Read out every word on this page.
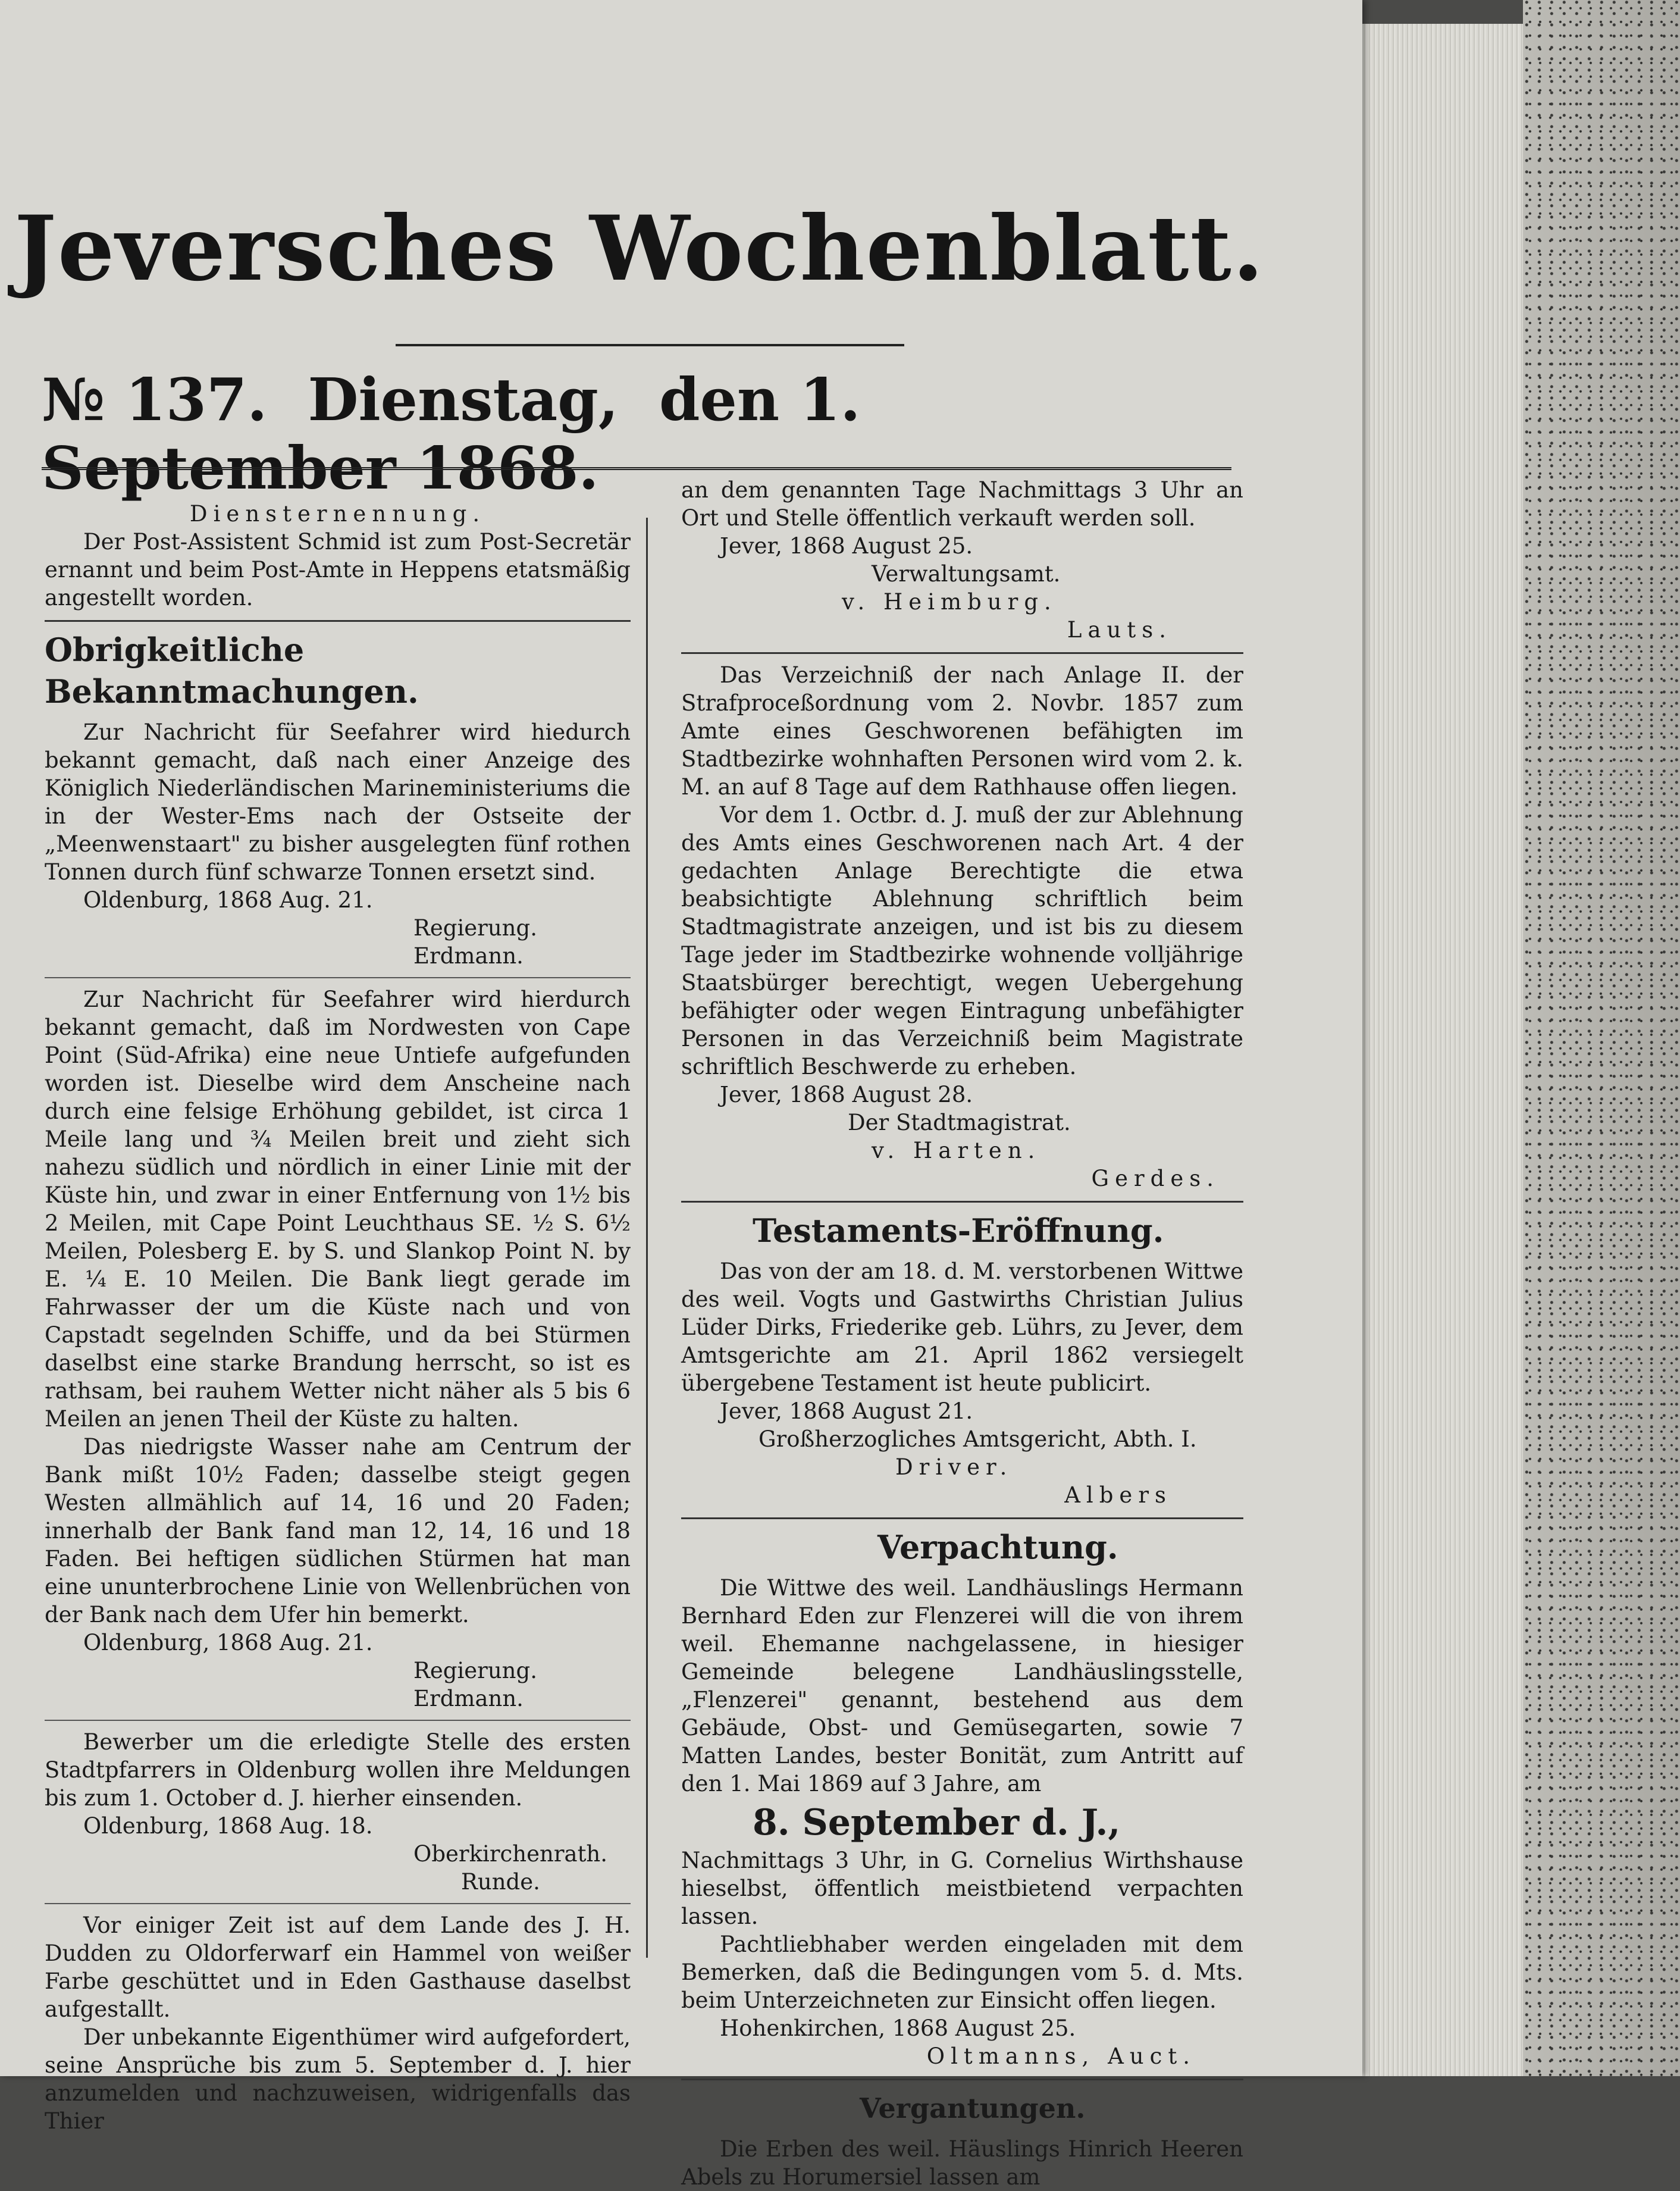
Jeversches Wochenblatt.
№ 137. Dienstag, den 1. September 1868.

Diensternennung.

Der Post-Assistent Schmid ist zum Post-Secretär ernannt und beim Post-Amte in Heppens etatsmäßig angestellt worden.

Obrigkeitliche Bekanntmachungen.

Zur Nachricht für Seefahrer wird hiedurch bekannt gemacht, daß nach einer Anzeige des Königlich Niederländischen Marineministeriums die in der Wester-Ems nach der Ostseite der „Meenwenstaart" zu bisher ausgelegten fünf rothen Tonnen durch fünf schwarze Tonnen ersetzt sind.

Oldenburg, 1868 Aug. 21.

Regierung.

Erdmann.

Zur Nachricht für Seefahrer wird hierdurch bekannt gemacht, daß im Nordwesten von Cape Point (Süd-Afrika) eine neue Untiefe aufgefunden worden ist. Dieselbe wird dem Anscheine nach durch eine felsige Erhöhung gebildet, ist circa 1 Meile lang und ¾ Meilen breit und zieht sich nahezu südlich und nördlich in einer Linie mit der Küste hin, und zwar in einer Entfernung von 1½ bis 2 Meilen, mit Cape Point Leuchthaus SE. ½ S. 6½ Meilen, Polesberg E. by S. und Slankop Point N. by E. ¼ E. 10 Meilen. Die Bank liegt gerade im Fahrwasser der um die Küste nach und von Capstadt segelnden Schiffe, und da bei Stürmen daselbst eine starke Brandung herrscht, so ist es rathsam, bei rauhem Wetter nicht näher als 5 bis 6 Meilen an jenen Theil der Küste zu halten.

Das niedrigste Wasser nahe am Centrum der Bank mißt 10½ Faden; dasselbe steigt gegen Westen allmählich auf 14, 16 und 20 Faden; innerhalb der Bank fand man 12, 14, 16 und 18 Faden. Bei heftigen südlichen Stürmen hat man eine ununterbrochene Linie von Wellenbrüchen von der Bank nach dem Ufer hin bemerkt.

Oldenburg, 1868 Aug. 21.

Regierung.

Erdmann.

Bewerber um die erledigte Stelle des ersten Stadtpfarrers in Oldenburg wollen ihre Meldungen bis zum 1. October d. J. hierher einsenden.

Oldenburg, 1868 Aug. 18.

Oberkirchenrath.

Runde.

Vor einiger Zeit ist auf dem Lande des J. H. Dudden zu Oldorferwarf ein Hammel von weißer Farbe geschüttet und in Eden Gasthause daselbst aufgestallt.

Der unbekannte Eigenthümer wird aufgefordert, seine Ansprüche bis zum 5. September d. J. hier anzumelden und nachzuweisen, widrigenfalls das Thier

an dem genannten Tage Nachmittags 3 Uhr an Ort und Stelle öffentlich verkauft werden soll.

Jever, 1868 August 25.

Verwaltungsamt.

v. Heimburg.

Lauts.

Das Verzeichniß der nach Anlage II. der Strafproceßordnung vom 2. Novbr. 1857 zum Amte eines Geschworenen befähigten im Stadtbezirke wohnhaften Personen wird vom 2. k. M. an auf 8 Tage auf dem Rathhause offen liegen.

Vor dem 1. Octbr. d. J. muß der zur Ablehnung des Amts eines Geschworenen nach Art. 4 der gedachten Anlage Berechtigte die etwa beabsichtigte Ablehnung schriftlich beim Stadtmagistrate anzeigen, und ist bis zu diesem Tage jeder im Stadtbezirke wohnende volljährige Staatsbürger berechtigt, wegen Uebergehung befähigter oder wegen Eintragung unbefähigter Personen in das Verzeichniß beim Magistrate schriftlich Beschwerde zu erheben.

Jever, 1868 August 28.

Der Stadtmagistrat.

v. Harten.

Gerdes.

Testaments-Eröffnung.

Das von der am 18. d. M. verstorbenen Wittwe des weil. Vogts und Gastwirths Christian Julius Lüder Dirks, Friederike geb. Lührs, zu Jever, dem Amtsgerichte am 21. April 1862 versiegelt übergebene Testament ist heute publicirt.

Jever, 1868 August 21.

Großherzogliches Amtsgericht, Abth. I.

Driver.

Albers

Verpachtung.

Die Wittwe des weil. Landhäuslings Hermann Bernhard Eden zur Flenzerei will die von ihrem weil. Ehemanne nachgelassene, in hiesiger Gemeinde belegene Landhäuslingsstelle, „Flenzerei" genannt, bestehend aus dem Gebäude, Obst- und Gemüsegarten, sowie 7 Matten Landes, bester Bonität, zum Antritt auf den 1. Mai 1869 auf 3 Jahre, am

8. September d. J.,

Nachmittags 3 Uhr, in G. Cornelius Wirthshause hieselbst, öffentlich meistbietend verpachten lassen.

Pachtliebhaber werden eingeladen mit dem Bemerken, daß die Bedingungen vom 5. d. Mts. beim Unterzeichneten zur Einsicht offen liegen.

Hohenkirchen, 1868 August 25.

Oltmanns, Auct.

Vergantungen.

Die Erben des weil. Häuslings Hinrich Heeren Abels zu Horumersiel lassen am
